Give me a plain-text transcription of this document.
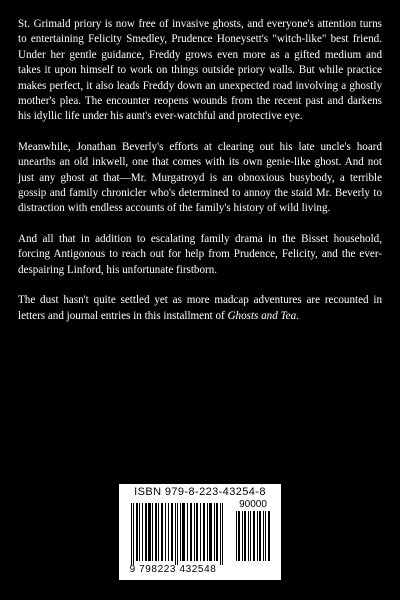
St. Grimald priory is now free of invasive ghosts, and everyone's attention turns to entertaining Felicity Smedley, Prudence Honeysett's "witch-like" best friend. Under her gentle guidance, Freddy grows even more as a gifted medium and takes it upon himself to work on things outside priory walls. But while practice makes perfect, it also leads Freddy down an unexpected road involving a ghostly mother's plea. The encounter reopens wounds from the recent past and darkens his idyllic life under his aunt's ever-watchful and protective eye.

Meanwhile, Jonathan Beverly's efforts at clearing out his late uncle's hoard unearths an old inkwell, one that comes with its own genie-like ghost. And not just any ghost at that—Mr. Murgatroyd is an obnoxious busybody, a terrible gossip and family chronicler who's determined to annoy the staid Mr. Beverly to distraction with endless accounts of the family's history of wild living.

And all that in addition to escalating family drama in the Bisset household, forcing Antigonous to reach out for help from Prudence, Felicity, and the ever-despairing Linford, his unfortunate firstborn.

The dust hasn't quite settled yet as more madcap adventures are recounted in letters and journal entries in this installment of Ghosts and Tea.

ISBN 979-8-223-43254-8
90000
9 798223 432548
